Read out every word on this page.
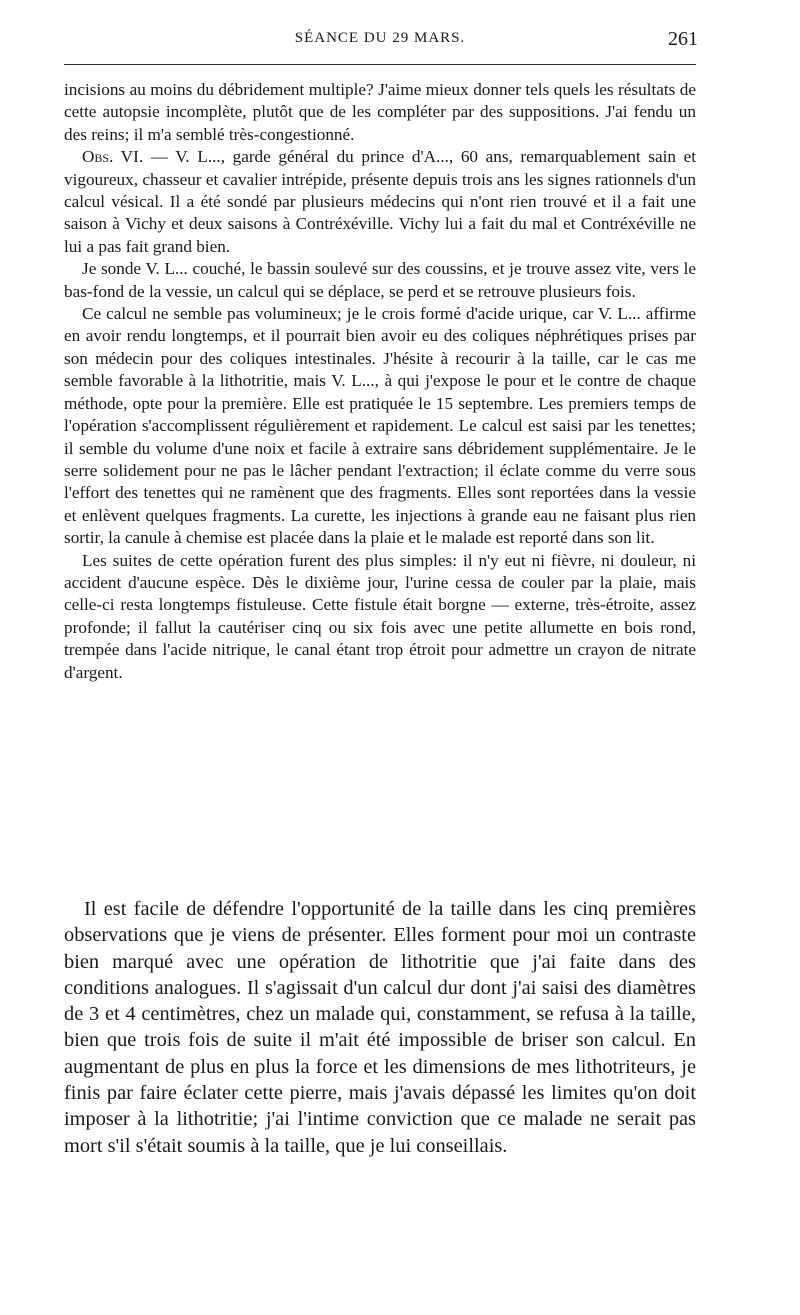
SÉANCE DU 29 MARS.	261

incisions au moins du débridement multiple? J'aime mieux donner tels quels les résultats de cette autopsie incomplète, plutôt que de les compléter par des suppositions. J'ai fendu un des reins; il m'a semblé très-congestionné.

Obs. VI. — V. L..., garde général du prince d'A..., 60 ans, remarquablement sain et vigoureux, chasseur et cavalier intrépide, présente depuis trois ans les signes rationnels d'un calcul vésical. Il a été sondé par plusieurs médecins qui n'ont rien trouvé et il a fait une saison à Vichy et deux saisons à Contréxéville. Vichy lui a fait du mal et Contréxéville ne lui a pas fait grand bien.

Je sonde V. L... couché, le bassin soulevé sur des coussins, et je trouve assez vite, vers le bas-fond de la vessie, un calcul qui se déplace, se perd et se retrouve plusieurs fois.

Ce calcul ne semble pas volumineux; je le crois formé d'acide urique, car V. L... affirme en avoir rendu longtemps, et il pourrait bien avoir eu des coliques néphrétiques prises par son médecin pour des coliques intestinales. J'hésite à recourir à la taille, car le cas me semble favorable à la lithotritie, mais V. L..., à qui j'expose le pour et le contre de chaque méthode, opte pour la première. Elle est pratiquée le 15 septembre. Les premiers temps de l'opération s'accomplissent régulièrement et rapidement. Le calcul est saisi par les tenettes; il semble du volume d'une noix et facile à extraire sans débridement supplémentaire. Je le serre solidement pour ne pas le lâcher pendant l'extraction; il éclate comme du verre sous l'effort des tenettes qui ne ramènent que des fragments. Elles sont reportées dans la vessie et enlèvent quelques fragments. La curette, les injections à grande eau ne faisant plus rien sortir, la canule à chemise est placée dans la plaie et le malade est reporté dans son lit.

Les suites de cette opération furent des plus simples: il n'y eut ni fièvre, ni douleur, ni accident d'aucune espèce. Dès le dixième jour, l'urine cessa de couler par la plaie, mais celle-ci resta longtemps fistuleuse. Cette fistule était borgne — externe, très-étroite, assez profonde; il fallut la cautériser cinq ou six fois avec une petite allumette en bois rond, trempée dans l'acide nitrique, le canal étant trop étroit pour admettre un crayon de nitrate d'argent.

Il est facile de défendre l'opportunité de la taille dans les cinq premières observations que je viens de présenter. Elles forment pour moi un contraste bien marqué avec une opération de lithotritie que j'ai faite dans des conditions analogues. Il s'agissait d'un calcul dur dont j'ai saisi des diamètres de 3 et 4 centimètres, chez un malade qui, constamment, se refusa à la taille, bien que trois fois de suite il m'ait été impossible de briser son calcul. En augmentant de plus en plus la force et les dimensions de mes lithotriteurs, je finis par faire éclater cette pierre, mais j'avais dépassé les limites qu'on doit imposer à la lithotritie; j'ai l'intime conviction que ce malade ne serait pas mort s'il s'était soumis à la taille, que je lui conseillais.
